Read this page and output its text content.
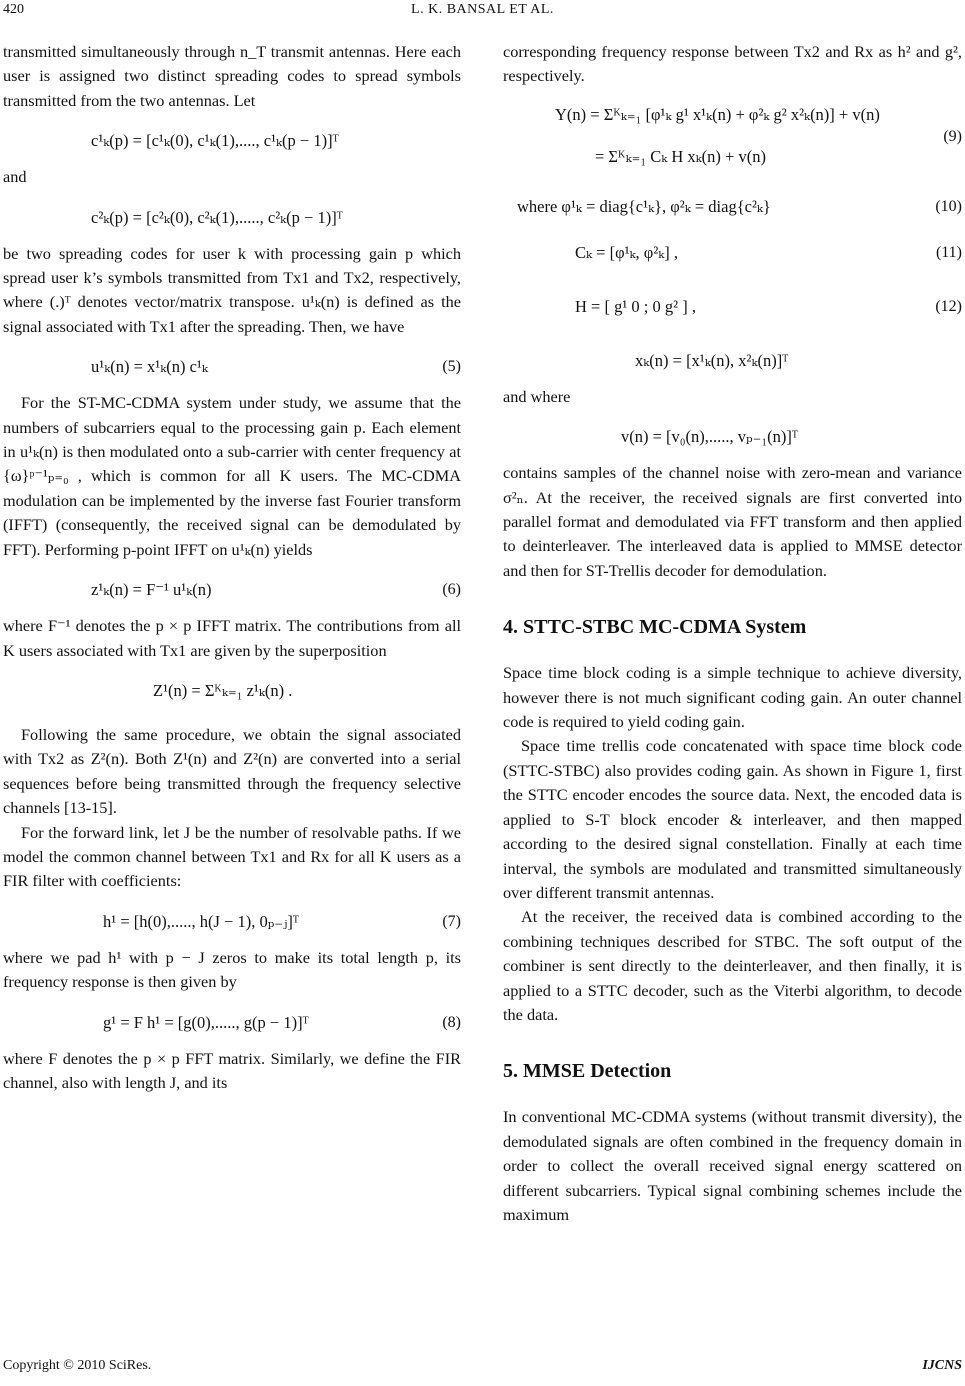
420	L. K. BANSAL ET AL.

transmitted simultaneously through n_T transmit antennas. Here each user is assigned two distinct spreading codes to spread symbols transmitted from the two antennas. Let

c¹ₖ(p) = [c¹ₖ(0), c¹ₖ(1),...., c¹ₖ(p − 1)]ᵀ

and

c²ₖ(p) = [c²ₖ(0), c²ₖ(1),....., c²ₖ(p − 1)]ᵀ

be two spreading codes for user k with processing gain p which spread user k’s symbols transmitted from Tx1 and Tx2, respectively, where (.)ᵀ denotes vector/matrix transpose. u¹ₖ(n) is defined as the signal associated with Tx1 after the spreading. Then, we have

u¹ₖ(n) = x¹ₖ(n) c¹ₖ	(5)

For the ST-MC-CDMA system under study, we assume that the numbers of subcarriers equal to the processing gain p. Each element in u¹ₖ(n) is then modulated onto a sub-carrier with center frequency at {ω}ᵖ⁻¹ₚ₌₀ , which is common for all K users. The MC-CDMA modulation can be implemented by the inverse fast Fourier transform (IFFT) (consequently, the received signal can be demodulated by FFT). Performing p-point IFFT on u¹ₖ(n) yields

z¹ₖ(n) = F⁻¹ u¹ₖ(n)	(6)

where F⁻¹ denotes the p × p IFFT matrix. The contributions from all K users associated with Tx1 are given by the superposition

Z¹(n) = Σᴷₖ₌₁ z¹ₖ(n) .

Following the same procedure, we obtain the signal associated with Tx2 as Z²(n). Both Z¹(n) and Z²(n) are converted into a serial sequences before being transmitted through the frequency selective channels [13-15].

For the forward link, let J be the number of resolvable paths. If we model the common channel between Tx1 and Rx for all K users as a FIR filter with coefficients:

h¹ = [h(0),....., h(J − 1), 0ₚ₋ⱼ]ᵀ	(7)

where we pad h¹ with p − J zeros to make its total length p, its frequency response is then given by

g¹ = F h¹ = [g(0),....., g(p − 1)]ᵀ	(8)

where F denotes the p × p FFT matrix. Similarly, we define the FIR channel, also with length J, and its

corresponding frequency response between Tx2 and Rx as h² and g², respectively.

Y(n) = Σᴷₖ₌₁ [φ¹ₖ g¹ x¹ₖ(n) + φ²ₖ g² x²ₖ(n)] + v(n)
= Σᴷₖ₌₁ Cₖ H xₖ(n) + v(n)
(9)
where φ¹ₖ = diag{c¹ₖ}, φ²ₖ = diag{c²ₖ}	(10)
Cₖ = [φ¹ₖ, φ²ₖ] ,	(11)
H = [ g¹ 0 ; 0 g² ] ,	(12)
xₖ(n) = [x¹ₖ(n), x²ₖ(n)]ᵀ

and where

v(n) = [v₀(n),....., vₚ₋₁(n)]ᵀ

contains samples of the channel noise with zero-mean and variance σ²ₙ. At the receiver, the received signals are first converted into parallel format and demodulated via FFT transform and then applied to deinterleaver. The interleaved data is applied to MMSE detector and then for ST-Trellis decoder for demodulation.

4. STTC-STBC MC-CDMA System

Space time block coding is a simple technique to achieve diversity, however there is not much significant coding gain. An outer channel code is required to yield coding gain.

Space time trellis code concatenated with space time block code (STTC-STBC) also provides coding gain. As shown in Figure 1, first the STTC encoder encodes the source data. Next, the encoded data is applied to S-T block encoder & interleaver, and then mapped according to the desired signal constellation. Finally at each time interval, the symbols are modulated and transmitted simultaneously over different transmit antennas.

At the receiver, the received data is combined according to the combining techniques described for STBC. The soft output of the combiner is sent directly to the deinterleaver, and then finally, it is applied to a STTC decoder, such as the Viterbi algorithm, to decode the data.

5. MMSE Detection

In conventional MC-CDMA systems (without transmit diversity), the demodulated signals are often combined in the frequency domain in order to collect the overall received signal energy scattered on different subcarriers. Typical signal combining schemes include the maximum

Copyright © 2010 SciRes.	IJCNS
